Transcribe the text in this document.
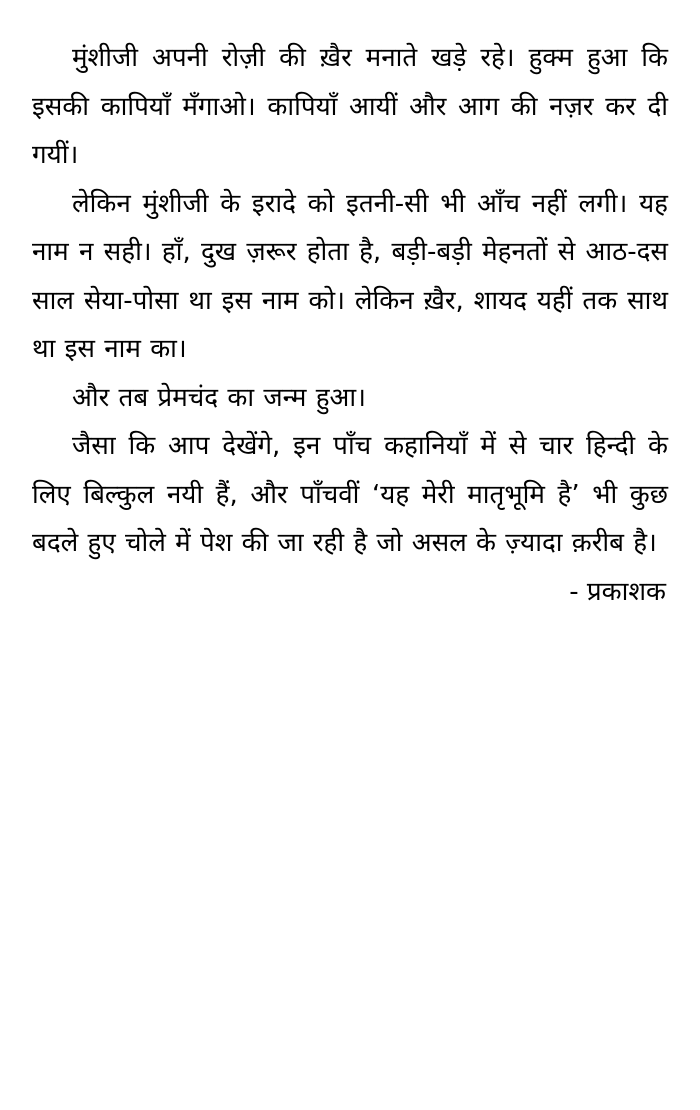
मुंशीजी अपनी रोज़ी की ख़ैर मनाते खड़े रहे। हुक्म हुआ कि इसकी कापियाँ मँगाओ। कापियाँ आयीं और आग की नज़र कर दी गयीं।

लेकिन मुंशीजी के इरादे को इतनी-सी भी आँच नहीं लगी। यह नाम न सही। हाँ, दुख ज़रूर होता है, बड़ी-बड़ी मेहनतों से आठ-दस साल सेया-पोसा था इस नाम को। लेकिन ख़ैर, शायद यहीं तक साथ था इस नाम का।

और तब प्रेमचंद का जन्म हुआ।

जैसा कि आप देखेंगे, इन पाँच कहानियाँ में से चार हिन्दी के लिए बिल्कुल नयी हैं, और पाँचवीं ‘यह मेरी मातृभूमि है’ भी कुछ बदले हुए चोले में पेश की जा रही है जो असल के ज़्यादा क़रीब है।

- प्रकाशक
